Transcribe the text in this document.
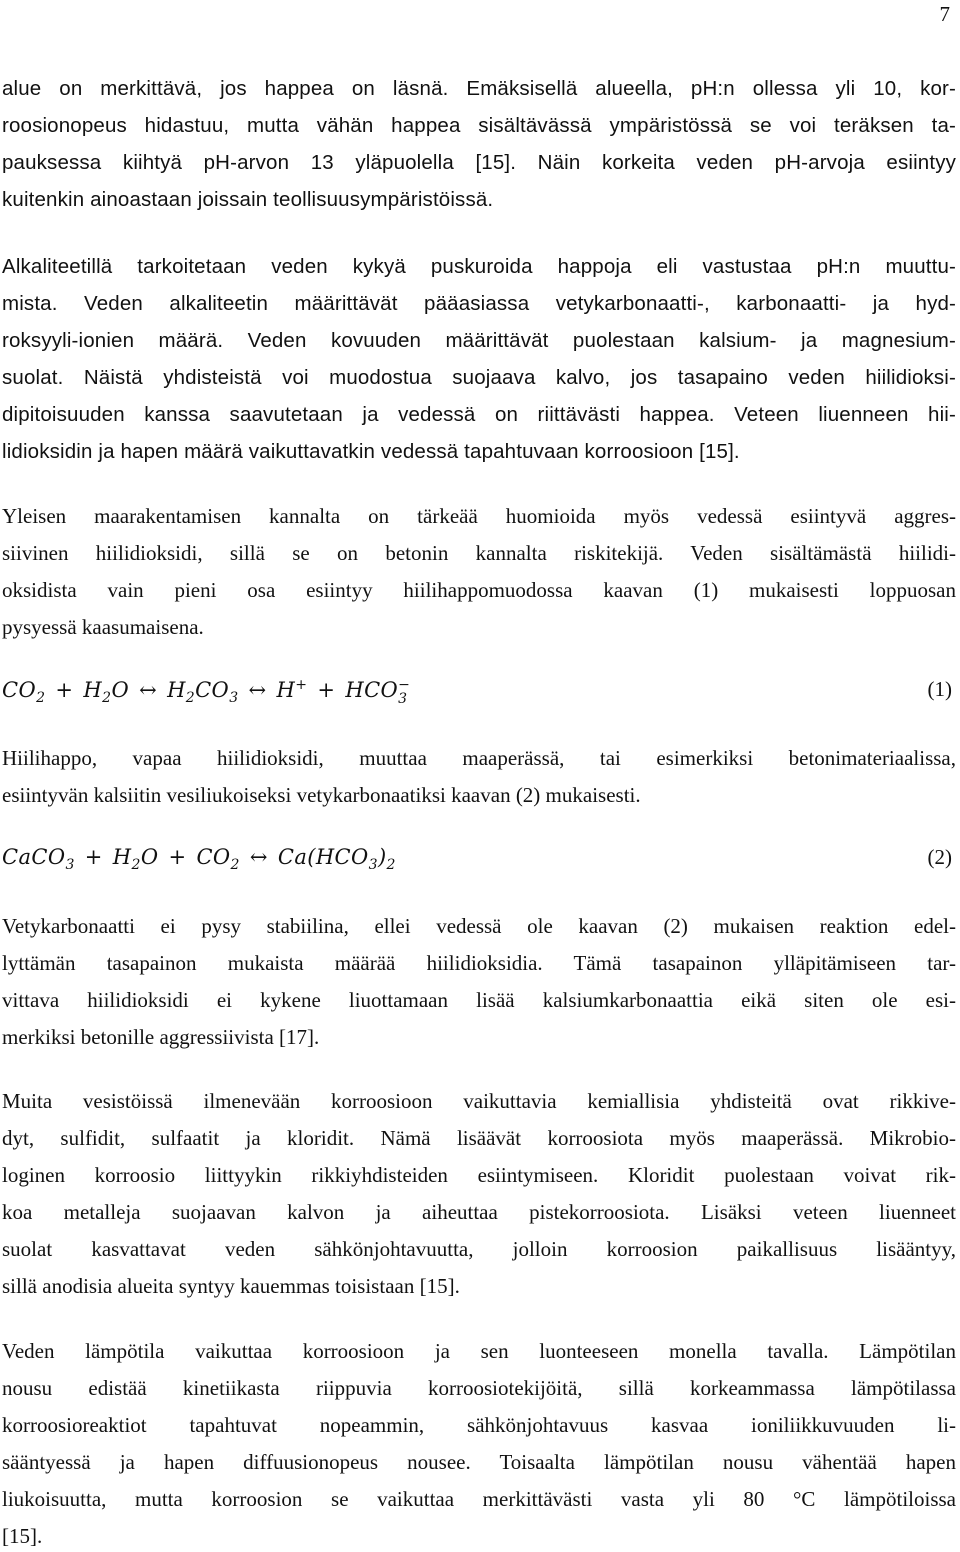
7
alue on merkittävä, jos happea on läsnä. Emäksisellä alueella, pH:n ollessa yli 10, kor-
roosionopeus hidastuu, mutta vähän happea sisältävässä ympäristössä se voi teräksen ta-
pauksessa kiihtyä pH-arvon 13 yläpuolella [15]. Näin korkeita veden pH-arvoja esiintyy
kuitenkin ainoastaan joissain teollisuusympäristöissä.
Alkaliteetillä tarkoitetaan veden kykyä puskuroida happoja eli vastustaa pH:n muuttu-
mista. Veden alkaliteetin määrittävät pääasiassa vetykarbonaatti-, karbonaatti- ja hyd-
roksyyli-ionien määrä. Veden kovuuden määrittävät puolestaan kalsium- ja magnesium-
suolat. Näistä yhdisteistä voi muodostua suojaava kalvo, jos tasapaino veden hiilidioksi-
dipitoisuuden kanssa saavutetaan ja vedessä on riittävästi happea. Veteen liuenneen hii-
lidioksidin ja hapen määrä vaikuttavatkin vedessä tapahtuvaan korroosioon [15].
Yleisen maarakentamisen kannalta on tärkeää huomioida myös vedessä esiintyvä aggres-
siivinen hiilidioksidi, sillä se on betonin kannalta riskitekijä. Veden sisältämästä hiilidi-
oksidista vain pieni osa esiintyy hiilihappomuodossa kaavan (1) mukaisesti loppuosan
pysyessä kaasumaisena.
$CO_2 + H_2O$ ↔ $H_2CO_3$ ↔ H+ + HCO −
3	(1)
Hiilihappo, vapaa hiilidioksidi, muuttaa maaperässä, tai esimerkiksi betonimateriaalissa,
esiintyvän kalsiitin vesiliukoiseksi vetykarbonaatiksi kaavan (2) mukaisesti.
CaCO$_3$ + $H_2O + CO_2$ ↔ $Ca(HCO_3)_2$	(2)
Vetykarbonaatti ei pysy stabiilina, ellei vedessä ole kaavan (2) mukaisen reaktion edel-
lyttämän tasapainon mukaista määrää hiilidioksidia. Tämä tasapainon ylläpitämiseen tar-
vittava hiilidioksidi ei kykene liuottamaan lisää kalsiumkarbonaattia eikä siten ole esi-
merkiksi betonille aggressiivista [17].
Muita vesistöissä ilmenevään korroosioon vaikuttavia kemiallisia yhdisteitä ovat rikkive-
dyt, sulfidit, sulfaatit ja kloridit. Nämä lisäävät korroosiota myös maaperässä. Mikrobio-
loginen korroosio liittyykin rikkiyhdisteiden esiintymiseen. Kloridit puolestaan voivat rik-
koa metalleja suojaavan kalvon ja aiheuttaa pistekorroosiota. Lisäksi veteen liuenneet
suolat kasvattavat veden sähkönjohtavuutta, jolloin korroosion paikallisuus lisääntyy,
sillä anodisia alueita syntyy kauemmas toisistaan [15].
Veden lämpötila vaikuttaa korroosioon ja sen luonteeseen monella tavalla. Lämpötilan
nousu edistää kinetiikasta riippuvia korroosiotekijöitä, sillä korkeammassa lämpötilassa
korroosioreaktiot tapahtuvat nopeammin, sähkönjohtavuus kasvaa ioniliikkuvuuden li-
sääntyessä ja hapen diffuusionopeus nousee. Toisaalta lämpötilan nousu vähentää hapen
liukoisuutta, mutta korroosion se vaikuttaa merkittävästi vasta yli 80 °C lämpötiloissa
[15].
